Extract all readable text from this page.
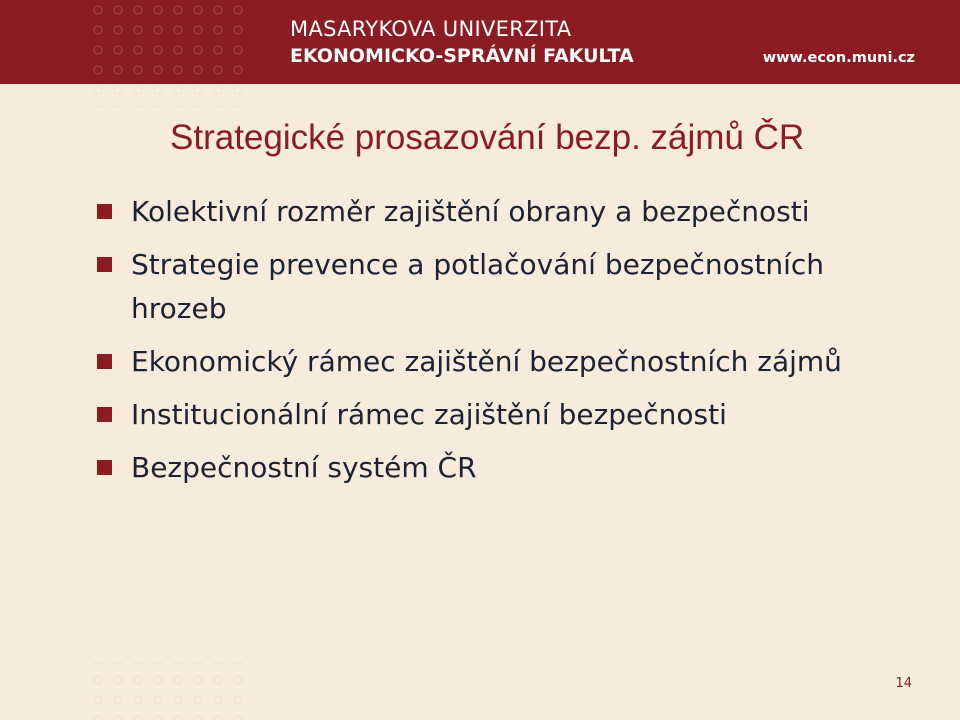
MASARYKOVA UNIVERZITA
EKONOMICKO-SPRÁVNÍ FAKULTA	www.econ.muni.cz
Strategické prosazování bezp. zájmů ČR
Kolektivní rozměr zajištění obrany a bezpečnosti
Strategie prevence a potlačování bezpečnostních hrozeb
Ekonomický rámec zajištění bezpečnostních zájmů
Institucionální rámec zajištění bezpečnosti
Bezpečnostní systém ČR
14
